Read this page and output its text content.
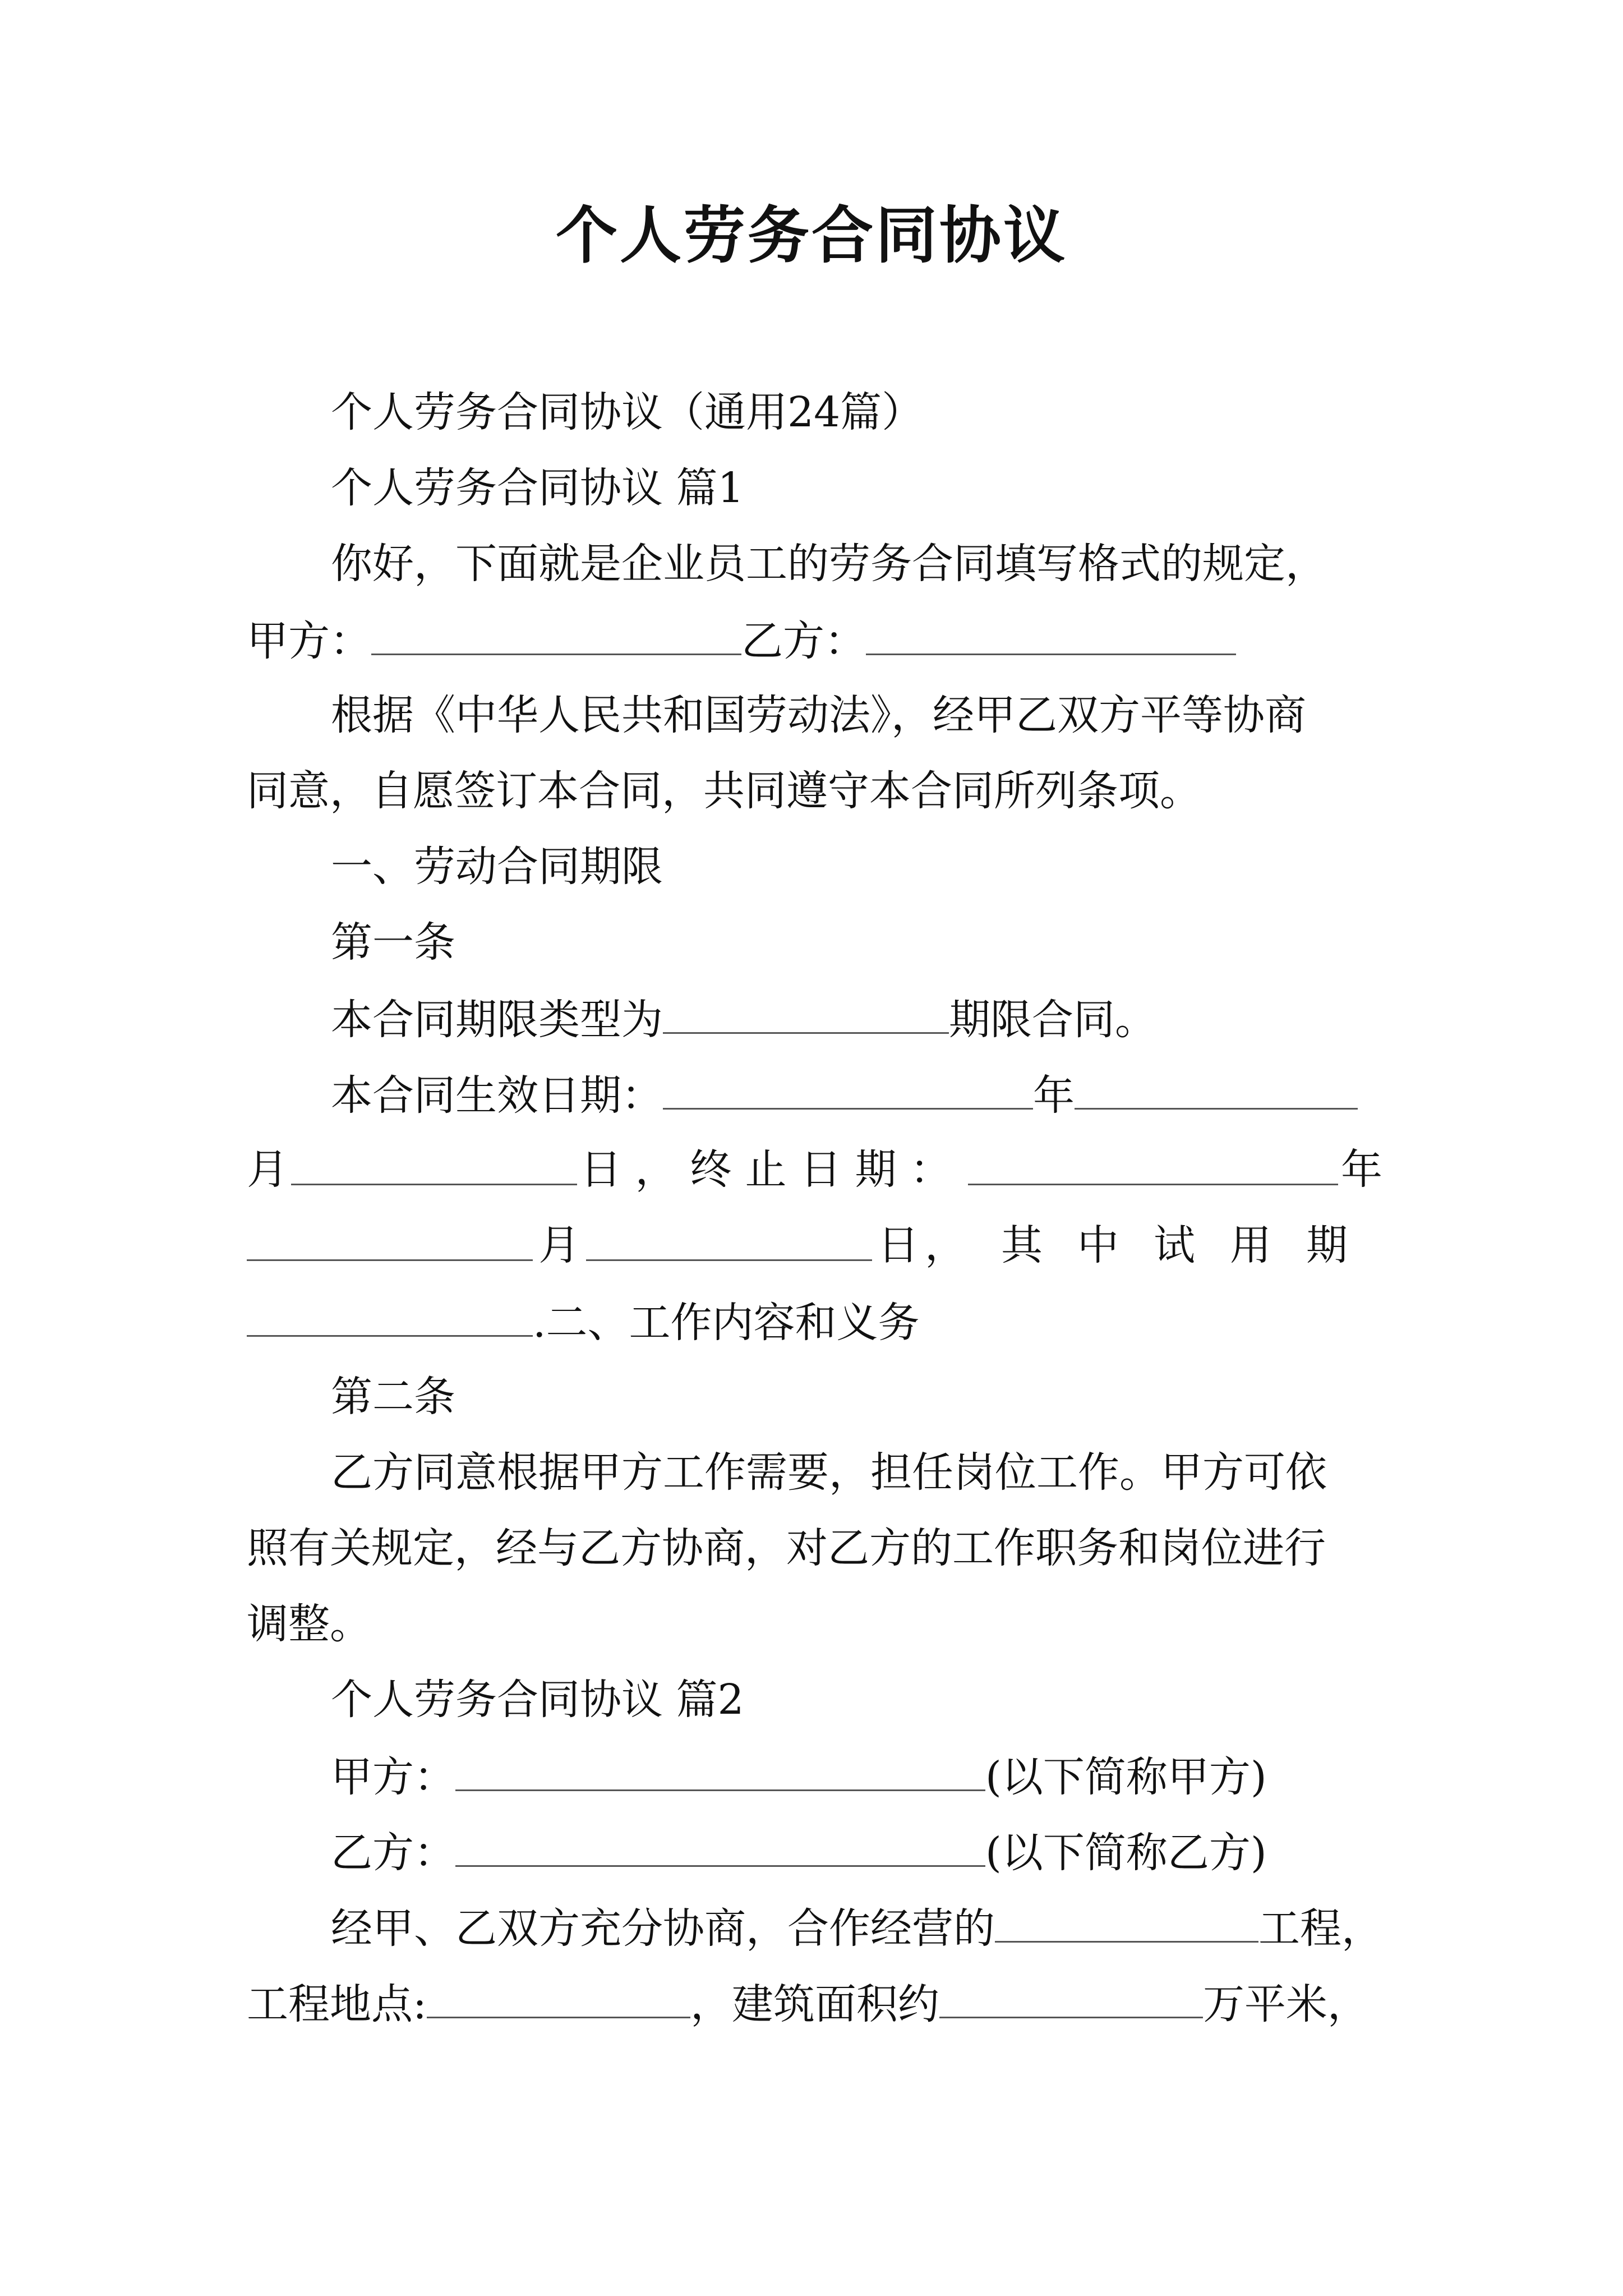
个人劳务合同协议
个人劳务合同协议（通用24篇）
个人劳务合同协议 篇1
你好，下面就是企业员工的劳务合同填写格式的规定，
甲方：	乙方：
根据《中华人民共和国劳动法》，经甲乙双方平等协商
同意，自愿签订本合同，共同遵守本合同所列条项。
一、劳动合同期限
第一条
本合同期限类型为	期限合同。
本合同生效日期：	年
月	日，终止日期：	年
月	日 ，其中试用期
.二、工作内容和义务
第二条
乙方同意根据甲方工作需要，担任岗位工作。甲方可依
照有关规定，经与乙方协商，对乙方的工作职务和岗位进行
调整。
个人劳务合同协议 篇2
甲方：	(以下简称甲方)
乙方：	(以下简称乙方)
经甲、乙双方充分协商，合作经营的	工程，
工程地点:	，建筑面积约	万平米，
